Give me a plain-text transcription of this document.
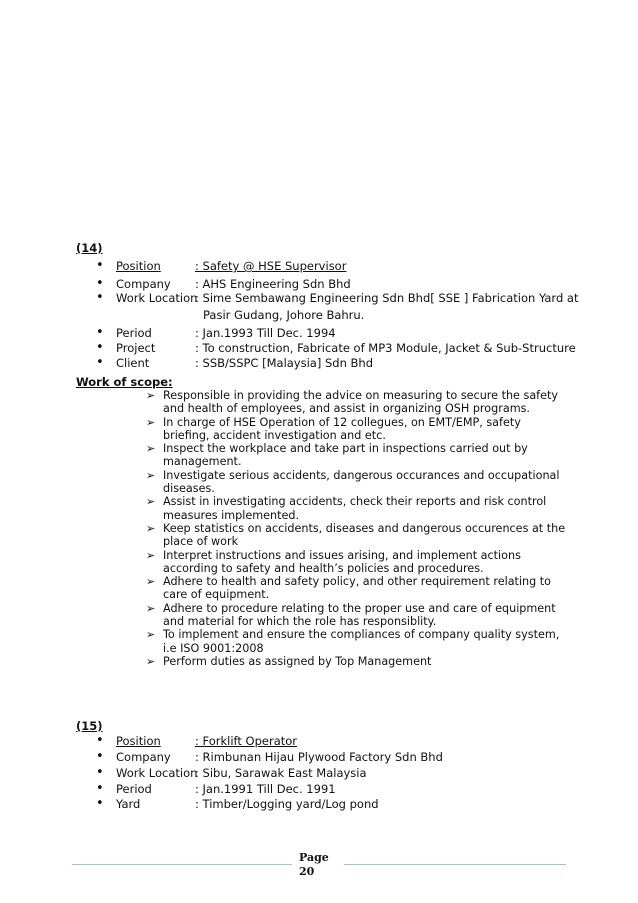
(14)
• Position	: Safety @ HSE Supervisor
• Company : AHS Engineering Sdn Bhd
• Work Location
: Sime Sembawang Engineering Sdn Bhd[ SSE ] Fabrication Yard at
Pasir Gudang, Johore Bahru.
• Period	: Jan.1993 Till Dec. 1994
• Project	: To construction, Fabricate of MP3 Module, Jacket & Sub-Structure
• Client	: SSB/SSPC [Malaysia] Sdn Bhd
Work of scope:
➢ Responsible in providing the advice on measuring to secure the safety and health of employees, and assist in organizing OSH programs.
➢ In charge of HSE Operation of 12 collegues, on EMT/EMP, safety briefing, accident investigation and etc.
➢ Inspect the workplace and take part in inspections carried out by management.
➢ Investigate serious accidents, dangerous occurances and occupational diseases.
➢ Assist in investigating accidents, check their reports and risk control measures implemented.
➢ Keep statistics on accidents, diseases and dangerous occurences at the place of work
➢ Interpret instructions and issues arising, and implement actions according to safety and health’s policies and procedures.
➢ Adhere to health and safety policy, and other requirement relating to care of equipment.
➢ Adhere to procedure relating to the proper use and care of equipment and material for which the role has responsiblity.
➢ To implement and ensure the compliances of company quality system, i.e ISO 9001:2008
➢ Perform duties as assigned by Top Management
(15)
• Position	: Forklift Operator
• Company : Rimbunan Hijau Plywood Factory Sdn Bhd
• Work Location
: Sibu, Sarawak East Malaysia
• Period	: Jan.1991 Till Dec. 1991
• Yard	: Timber/Logging yard/Log pond
Page
20
